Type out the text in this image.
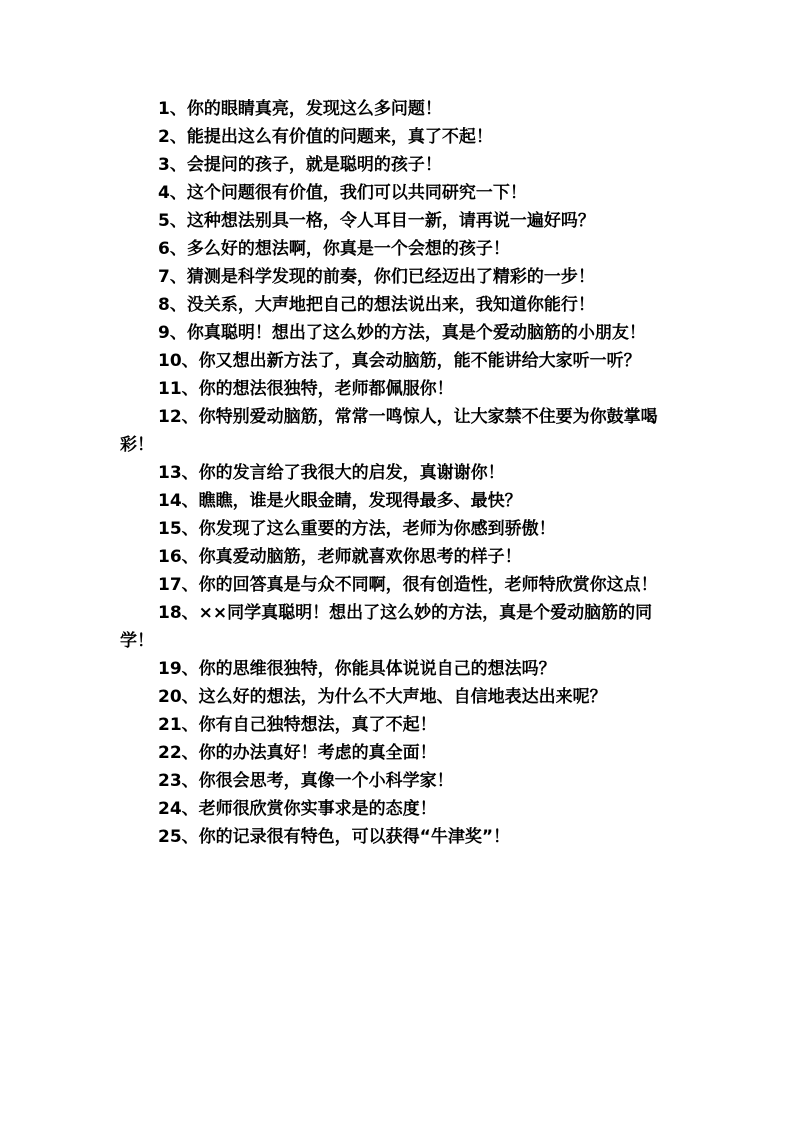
1、你的眼睛真亮，发现这么多问题！

2、能提出这么有价值的问题来，真了不起！

3、会提问的孩子，就是聪明的孩子！

4、这个问题很有价值，我们可以共同研究一下！

5、这种想法别具一格，令人耳目一新，请再说一遍好吗？

6、多么好的想法啊，你真是一个会想的孩子！

7、猜测是科学发现的前奏，你们已经迈出了精彩的一步！

8、没关系，大声地把自己的想法说出来，我知道你能行！

9、你真聪明！想出了这么妙的方法，真是个爱动脑筋的小朋友！

10、你又想出新方法了，真会动脑筋，能不能讲给大家听一听？

11、你的想法很独特，老师都佩服你！

12、你特别爱动脑筋，常常一鸣惊人，让大家禁不住要为你鼓掌喝彩！

13、你的发言给了我很大的启发，真谢谢你！

14、瞧瞧，谁是火眼金睛，发现得最多、最快？

15、你发现了这么重要的方法，老师为你感到骄傲！

16、你真爱动脑筋，老师就喜欢你思考的样子！

17、你的回答真是与众不同啊，很有创造性，老师特欣赏你这点！

18、××同学真聪明！想出了这么妙的方法，真是个爱动脑筋的同学！

19、你的思维很独特，你能具体说说自己的想法吗？

20、这么好的想法，为什么不大声地、自信地表达出来呢？

21、你有自己独特想法，真了不起！

22、你的办法真好！考虑的真全面！

23、你很会思考，真像一个小科学家！

24、老师很欣赏你实事求是的态度！

25、你的记录很有特色，可以获得“牛津奖”！
